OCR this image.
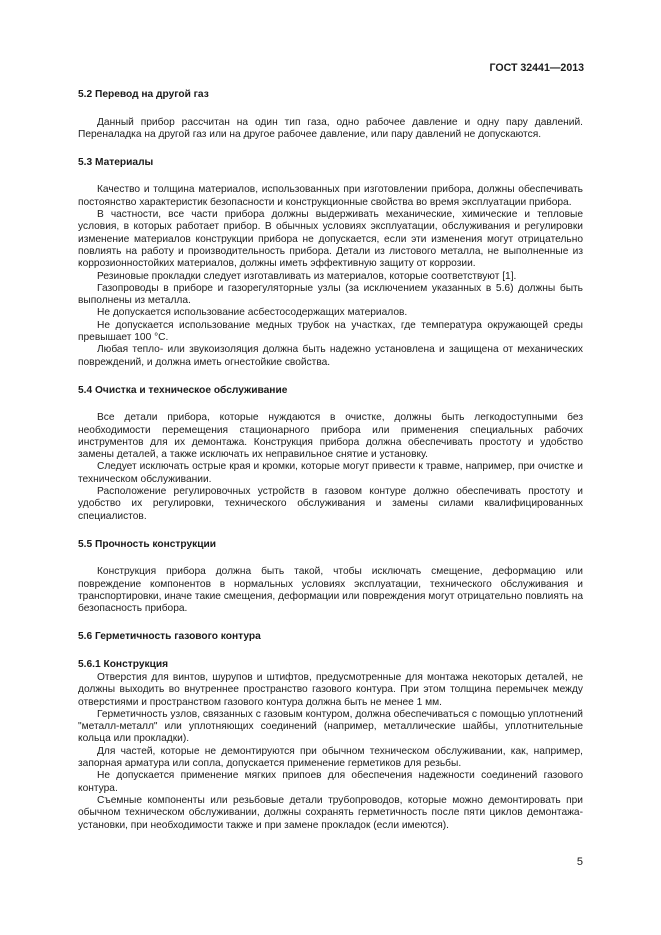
ГОСТ 32441—2013

5.2 Перевод на другой газ

Данный прибор рассчитан на один тип газа, одно рабочее давление и одну пару давлений. Переналадка на другой газ или на другое рабочее давление, или пару давлений не допускаются.

5.3 Материалы

Качество и толщина материалов, использованных при изготовлении прибора, должны обеспечивать постоянство характеристик безопасности и конструкционные свойства во время эксплуатации прибора.

В частности, все части прибора должны выдерживать механические, химические и тепловые условия, в которых работает прибор. В обычных условиях эксплуатации, обслуживания и регулировки изменение материалов конструкции прибора не допускается, если эти изменения могут отрицательно повлиять на работу и производительность прибора. Детали из листового металла, не выполненные из коррозионностойких материалов, должны иметь эффективную защиту от коррозии.

Резиновые прокладки следует изготавливать из материалов, которые соответствуют [1].

Газопроводы в приборе и газорегуляторные узлы (за исключением указанных в 5.6) должны быть выполнены из металла.

Не допускается использование асбестосодержащих материалов.

Не допускается использование медных трубок на участках, где температура окружающей среды превышает 100 °С.

Любая тепло- или звукоизоляция должна быть надежно установлена и защищена от механических повреждений, и должна иметь огнестойкие свойства.

5.4 Очистка и техническое обслуживание

Все детали прибора, которые нуждаются в очистке, должны быть легкодоступными без необходимости перемещения стационарного прибора или применения специальных рабочих инструментов для их демонтажа. Конструкция прибора должна обеспечивать простоту и удобство замены деталей, а также исключать их неправильное снятие и установку.

Следует исключать острые края и кромки, которые могут привести к травме, например, при очистке и техническом обслуживании.

Расположение регулировочных устройств в газовом контуре должно обеспечивать простоту и удобство их регулировки, технического обслуживания и замены силами квалифицированных специалистов.

5.5 Прочность конструкции

Конструкция прибора должна быть такой, чтобы исключать смещение, деформацию или повреждение компонентов в нормальных условиях эксплуатации, технического обслуживания и транспортировки, иначе такие смещения, деформации или повреждения могут отрицательно повлиять на безопасность прибора.

5.6 Герметичность газового контура

5.6.1 Конструкция

Отверстия для винтов, шурупов и штифтов, предусмотренные для монтажа некоторых деталей, не должны выходить во внутреннее пространство газового контура. При этом толщина перемычек между отверстиями и пространством газового контура должна быть не менее 1 мм.

Герметичность узлов, связанных с газовым контуром, должна обеспечиваться с помощью уплотнений "металл-металл" или уплотняющих соединений (например, металлические шайбы, уплотнительные кольца или прокладки).

Для частей, которые не демонтируются при обычном техническом обслуживании, как, например, запорная арматура или сопла, допускается применение герметиков для резьбы.

Не допускается применение мягких припоев для обеспечения надежности соединений газового контура.

Съемные компоненты или резьбовые детали трубопроводов, которые можно демонтировать при обычном техническом обслуживании, должны сохранять герметичность после пяти циклов демонтажа-установки, при необходимости также и при замене прокладок (если имеются).

5
